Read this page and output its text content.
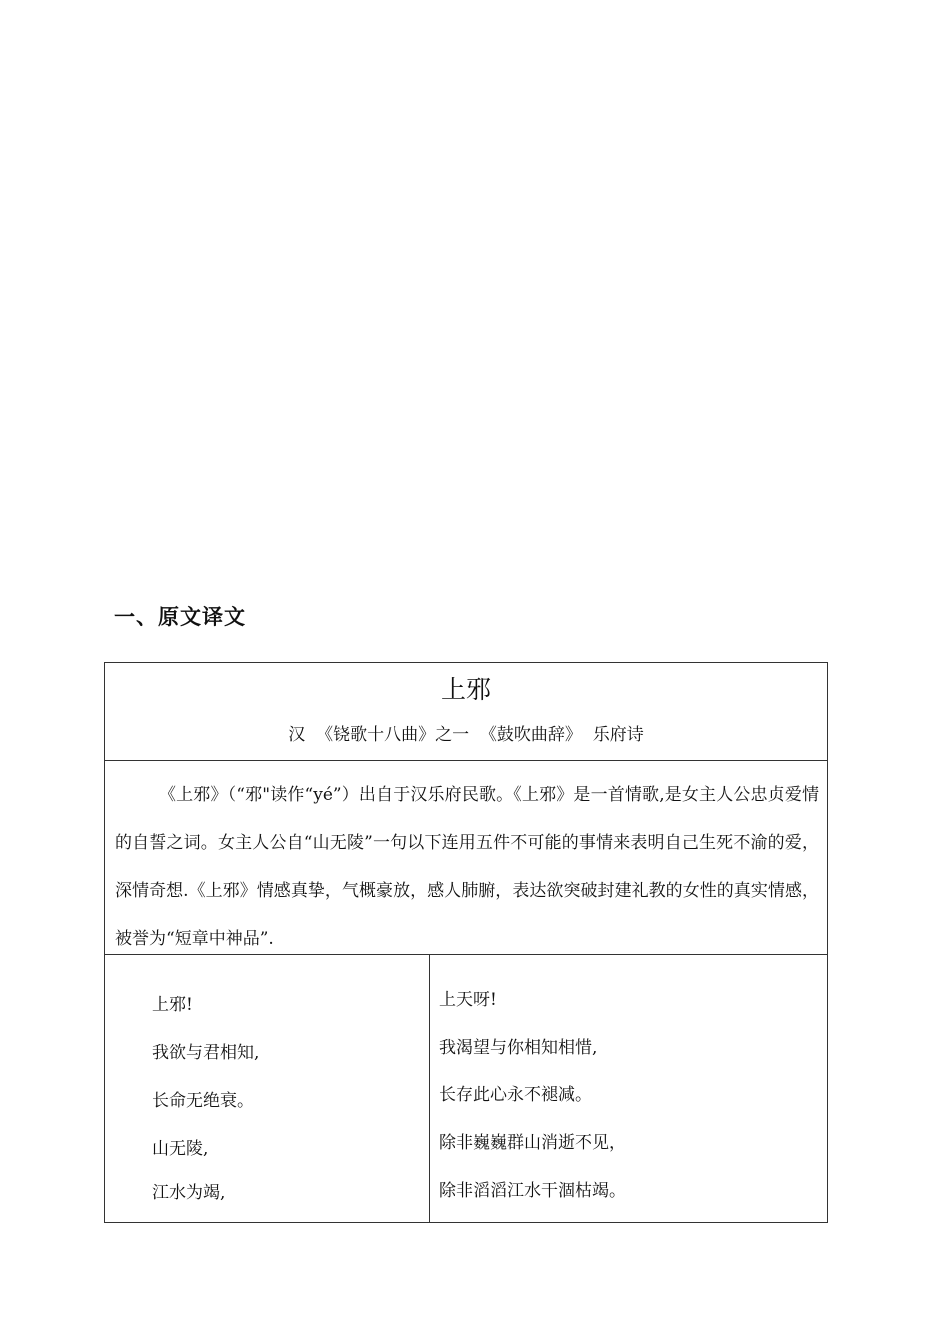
一、原文译文
上邪
汉  《铙歌十八曲》之一  《鼓吹曲辞》  乐府诗

《上邪》（“邪"读作“yé”）出自于汉乐府民歌。《上邪》是一首情歌,是女主人公忠贞爱情的自誓之词。女主人公自“山无陵”一句以下连用五件不可能的事情来表明自己生死不渝的爱，深情奇想.《上邪》情感真挚，气概豪放，感人肺腑，表达欲突破封建礼教的女性的真实情感，被誉为“短章中神品”.

上邪!
我欲与君相知,
长命无绝衰。
山无陵,
江水为竭,
上天呀!
我渴望与你相知相惜,
长存此心永不褪减。
除非巍巍群山消逝不见，
除非滔滔江水干涸枯竭。
